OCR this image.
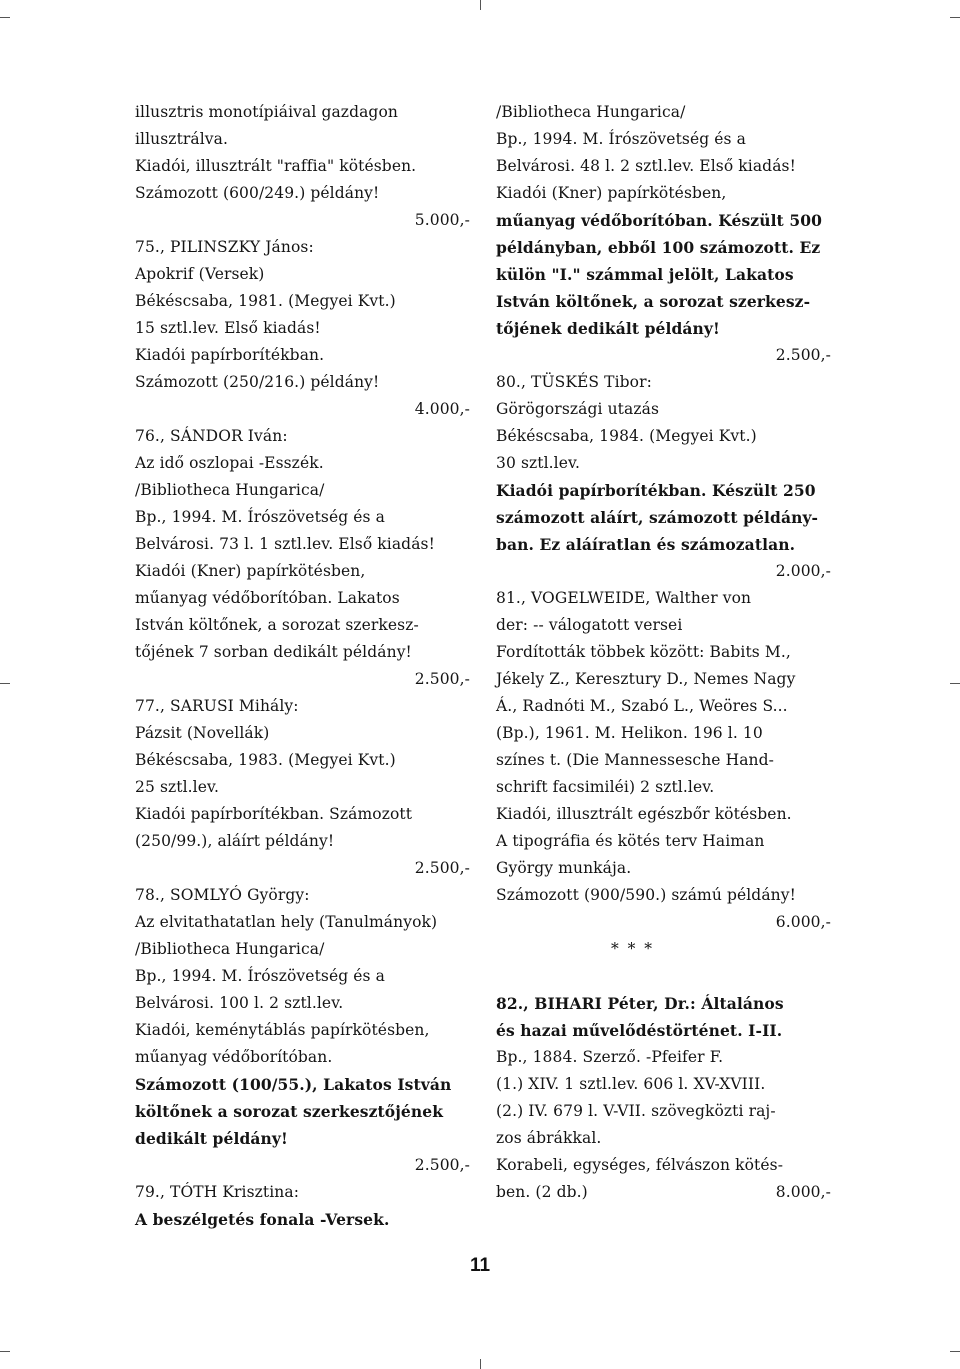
illusztris monotípiáival gazdagon
illusztrálva.
Kiadói, illusztrált "raffia" kötésben.
Számozott (600/249.) példány!
5.000,-
75., PILINSZKY János:
Apokrif (Versek)
Békéscsaba, 1981. (Megyei Kvt.)
15 sztl.lev. Első kiadás!
Kiadói papírborítékban.
Számozott (250/216.) példány!
4.000,-
76., SÁNDOR Iván:
Az idő oszlopai -Esszék.
/Bibliotheca Hungarica/
Bp., 1994. M. Írószövetség és a
Belvárosi. 73 l. 1 sztl.lev. Első kiadás!
Kiadói (Kner) papírkötésben,
műanyag védőborítóban. Lakatos
István költőnek, a sorozat szerkesz-
tőjének 7 sorban dedikált példány!
2.500,-
77., SARUSI Mihály:
Pázsit (Novellák)
Békéscsaba, 1983. (Megyei Kvt.)
25 sztl.lev.
Kiadói papírborítékban. Számozott
(250/99.), aláírt példány!
2.500,-
78., SOMLYÓ György:
Az elvitathatatlan hely (Tanulmányok)
/Bibliotheca Hungarica/
Bp., 1994. M. Írószövetség és a
Belvárosi. 100 l. 2 sztl.lev.
Kiadói, keménytáblás papírkötésben,
műanyag védőborítóban.
Számozott (100/55.), Lakatos István
költőnek a sorozat szerkesztőjének
dedikált példány!
2.500,-
79., TÓTH Krisztina:
A beszélgetés fonala -Versek.
/Bibliotheca Hungarica/
Bp., 1994. M. Írószövetség és a
Belvárosi. 48 l. 2 sztl.lev. Első kiadás!
Kiadói (Kner) papírkötésben,
műanyag védőborítóban. Készült 500
példányban, ebből 100 számozott. Ez
külön "I." számmal jelölt, Lakatos
István költőnek, a sorozat szerkesz-
tőjének dedikált példány!
2.500,-
80., TÜSKÉS Tibor:
Görögországi utazás
Békéscsaba, 1984. (Megyei Kvt.)
30 sztl.lev.
Kiadói papírborítékban. Készült 250
számozott aláírt, számozott példány-
ban. Ez aláíratlan és számozatlan.
2.000,-
81., VOGELWEIDE, Walther von
der: -- válogatott versei
Fordították többek között: Babits M.,
Jékely Z., Keresztury D., Nemes Nagy
Á., Radnóti M., Szabó L., Weöres S...
(Bp.), 1961. M. Helikon. 196 l. 10
színes t. (Die Mannessesche Hand-
schrift facsimiléi) 2 sztl.lev.
Kiadói, illusztrált egészbőr kötésben.
A tipográfia és kötés terv Haiman
György munkája.
Számozott (900/590.) számú példány!
6.000,-
* * *
82., BIHARI Péter, Dr.: Általános
és hazai művelődéstörténet. I-II.
Bp., 1884. Szerző. -Pfeifer F.
(1.) XIV. 1 sztl.lev. 606 l. XV-XVIII.
(2.) IV. 679 l. V-VII. szövegközti raj-
zos ábrákkal.
Korabeli, egységes, félvászon kötés-
ben. (2 db.)	8.000,-
11
